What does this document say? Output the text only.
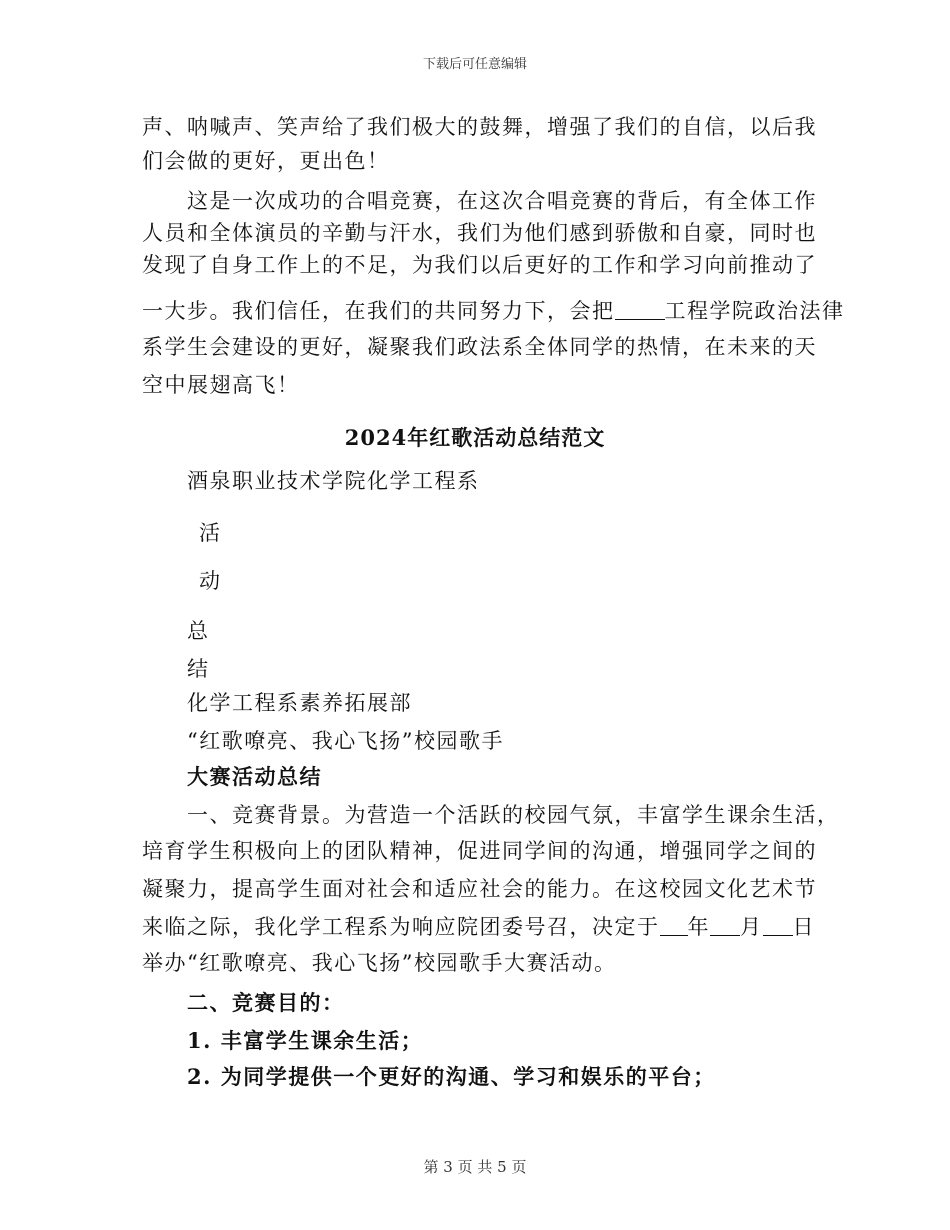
下载后可任意编辑
声、呐喊声、笑声给了我们极大的鼓舞，增强了我们的自信，以后我
们会做的更好，更出色！
这是一次成功的合唱竞赛，在这次合唱竞赛的背后，有全体工作
人员和全体演员的辛勤与汗水，我们为他们感到骄傲和自豪，同时也
发现了自身工作上的不足，为我们以后更好的工作和学习向前推动了
一大步。我们信任，在我们的共同努力下，会把 工程学院政治法律
系学生会建设的更好，凝聚我们政法系全体同学的热情，在未来的天
空中展翅高飞！
2024年红歌活动总结范文
酒泉职业技术学院化学工程系
活
动
总
结
化学工程系素养拓展部
“红歌嘹亮、我心飞扬”校园歌手
大赛活动总结
一、竞赛背景。为营造一个活跃的校园气氛，丰富学生课余生活，
培育学生积极向上的团队精神，促进同学间的沟通，增强同学之间的
凝聚力，提高学生面对社会和适应社会的能力。在这校园文化艺术节
来临之际，我化学工程系为响应院团委号召，决定于 年 月 日
举办“红歌嘹亮、我心飞扬”校园歌手大赛活动。
二、竞赛目的：
1. 丰富学生课余生活；
2. 为同学提供一个更好的沟通、学习和娱乐的平台；
第 3 页 共 5 页
